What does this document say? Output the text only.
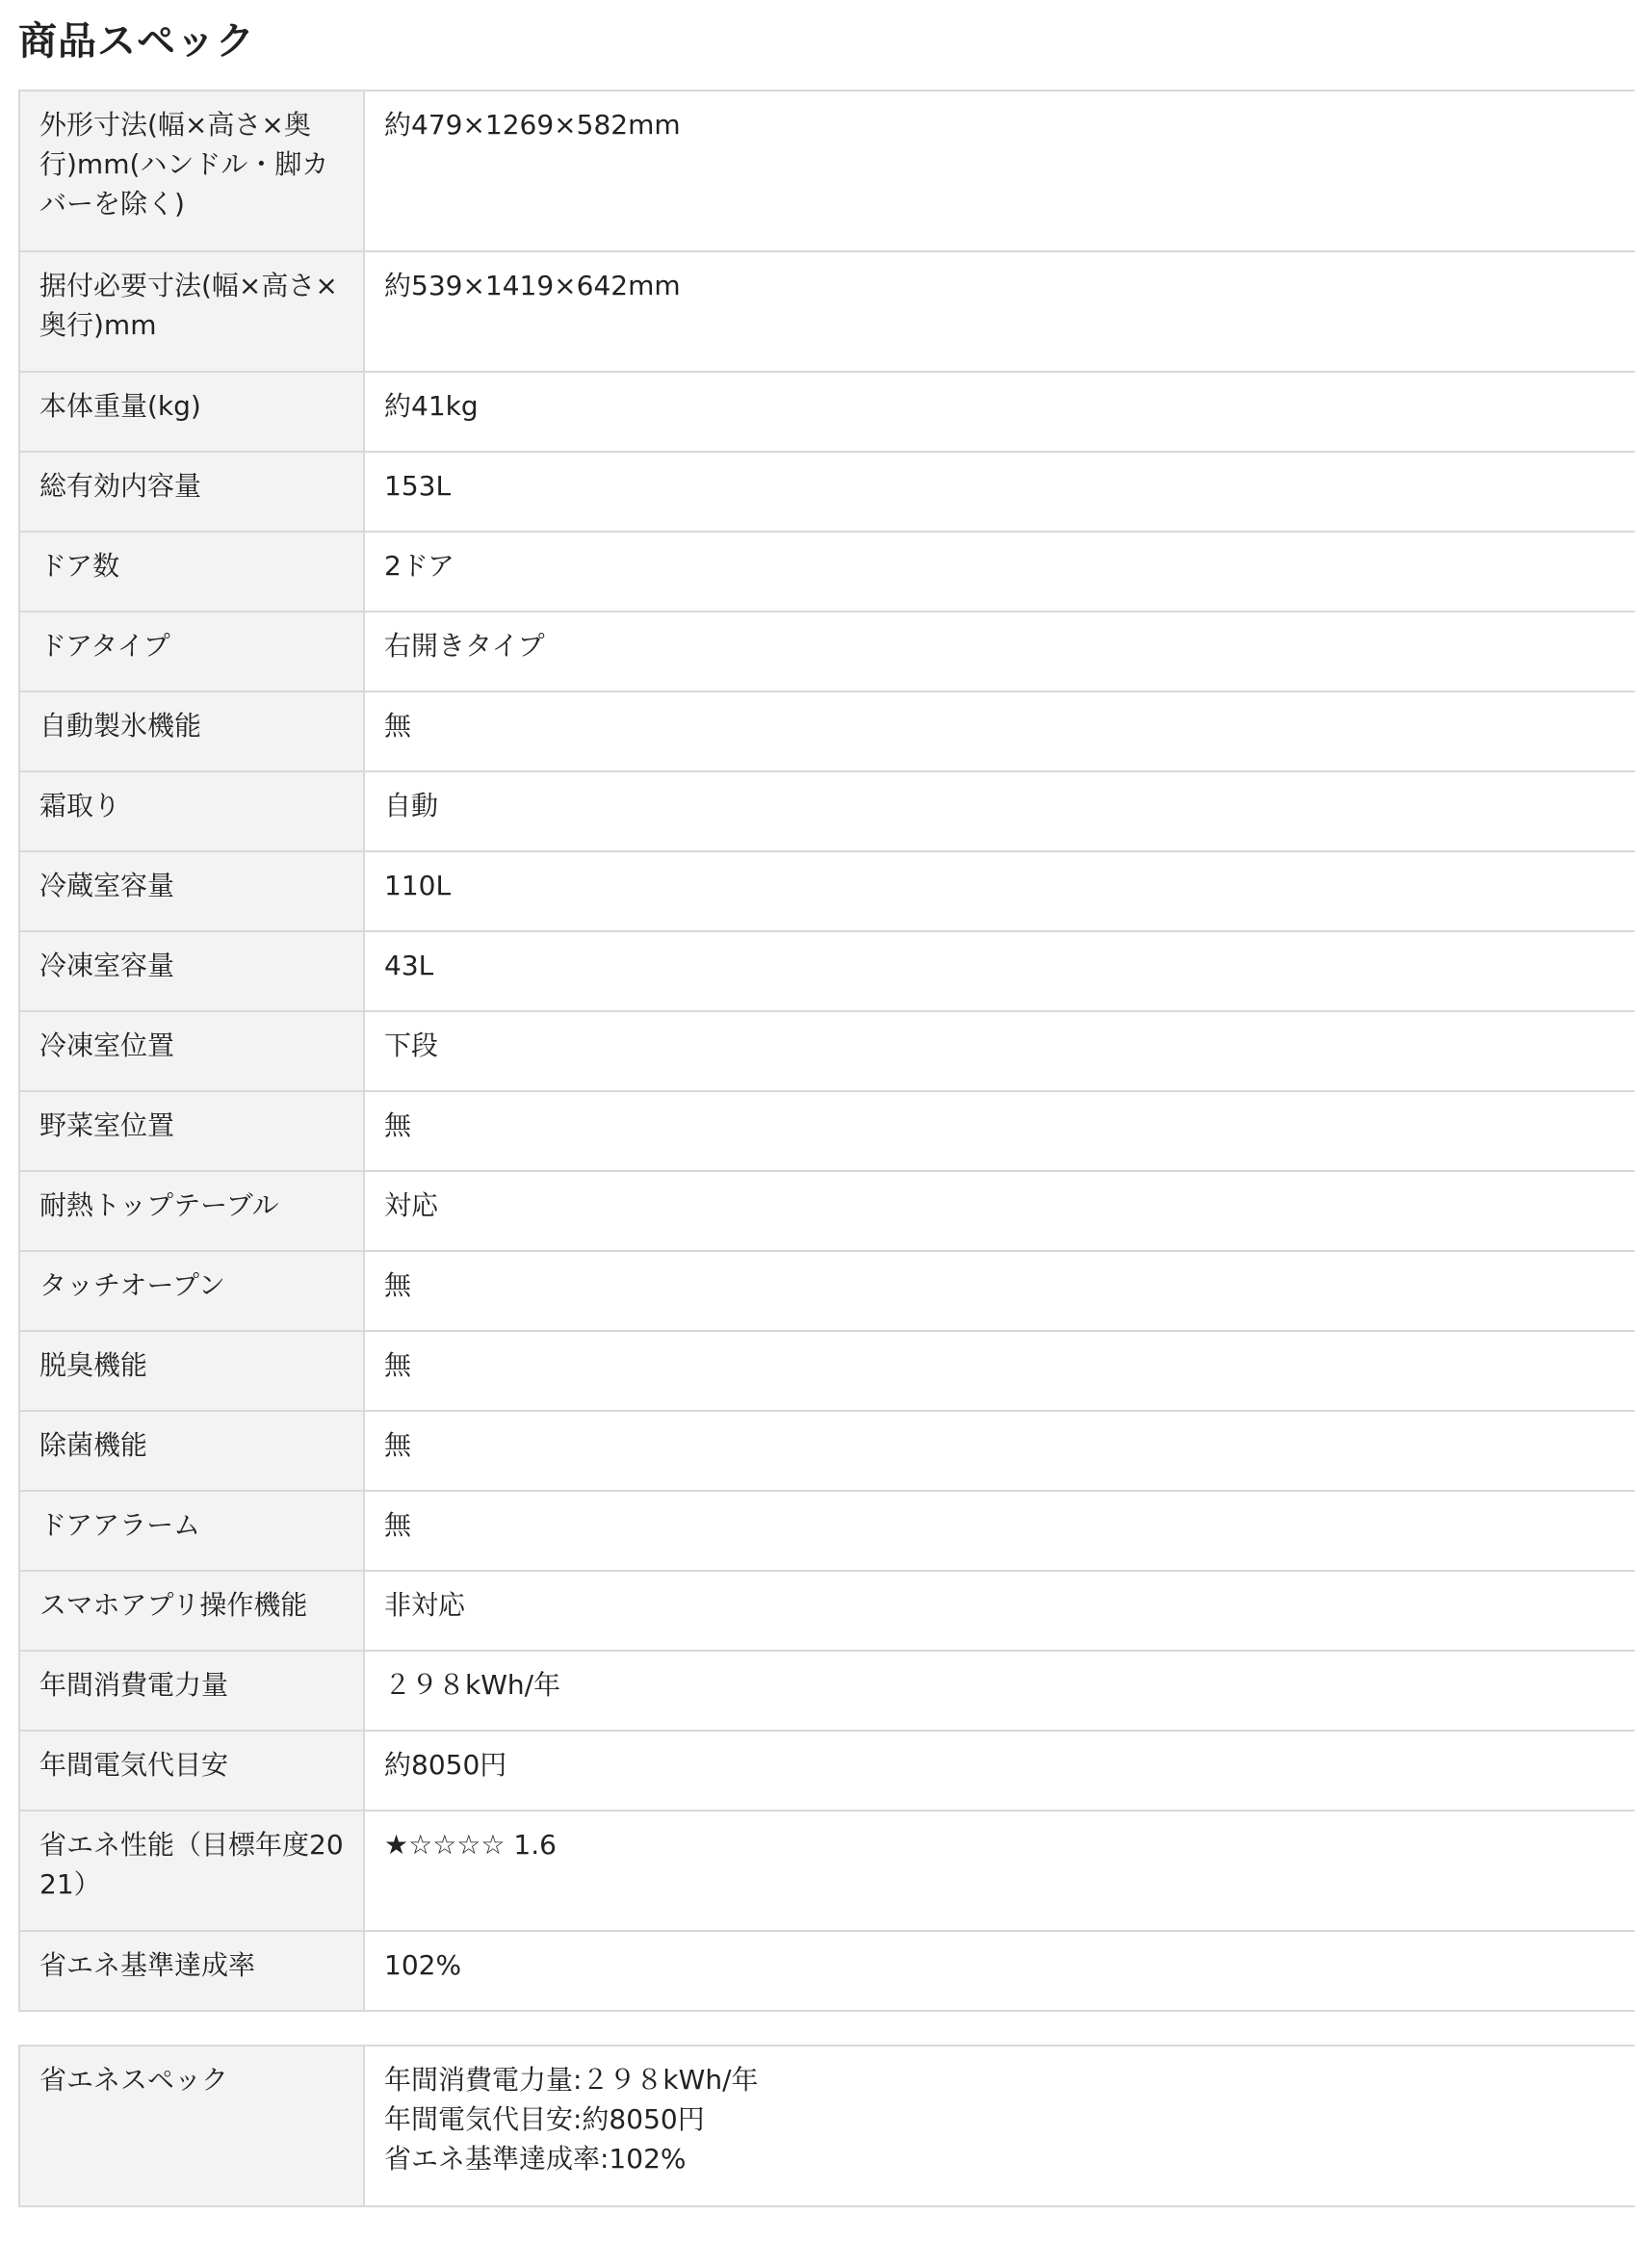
商品スペック
外形寸法(幅×高さ×奥行)mm(ハンドル・脚カバーを除く)	約479×1269×582mm
据付必要寸法(幅×高さ×奥行)mm	約539×1419×642mm
本体重量(kg)	約41kg
総有効内容量	153L
ドア数	2ドア
ドアタイプ	右開きタイプ
自動製氷機能	無
霜取り	自動
冷蔵室容量	110L
冷凍室容量	43L
冷凍室位置	下段
野菜室位置	無
耐熱トップテーブル	対応
タッチオープン	無
脱臭機能	無
除菌機能	無
ドアアラーム	無
スマホアプリ操作機能	非対応
年間消費電力量	２９８kWh/年
年間電気代目安	約8050円
省エネ性能（目標年度2021）	★☆☆☆☆ 1.6
省エネ基準達成率	102%
省エネスペック	年間消費電力量:２９８kWh/年
年間電気代目安:約8050円
省エネ基準達成率:102%
